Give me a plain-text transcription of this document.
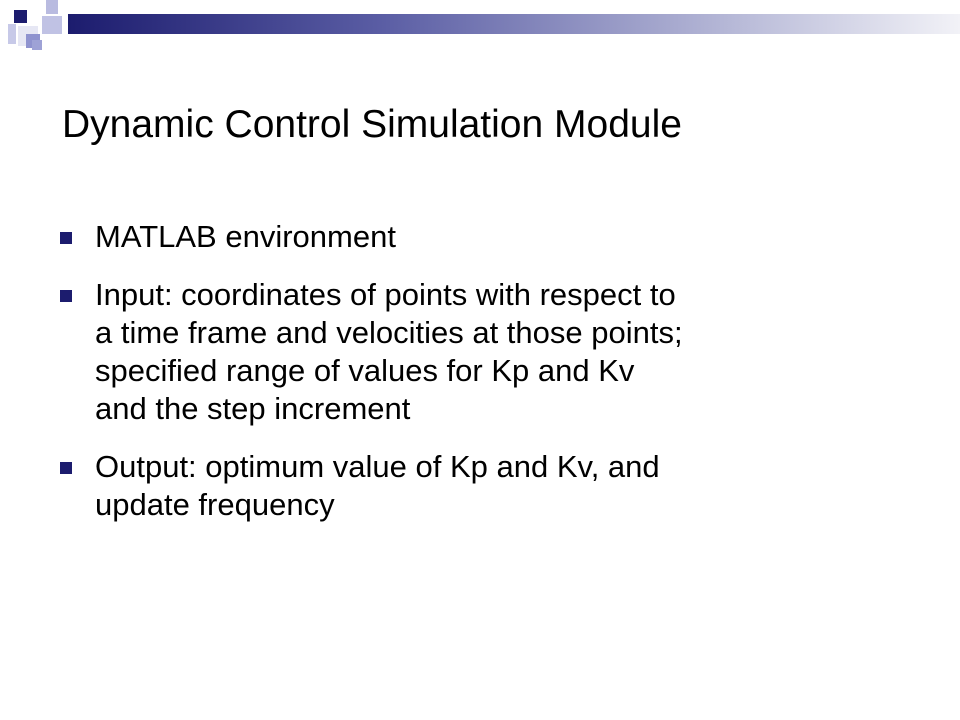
Dynamic Control Simulation Module
MATLAB environment
Input: coordinates of points with respect to
a time frame and velocities at those points;
specified range of values for Kp and Kv
and the step increment
Output: optimum value of Kp and Kv, and
update frequency
